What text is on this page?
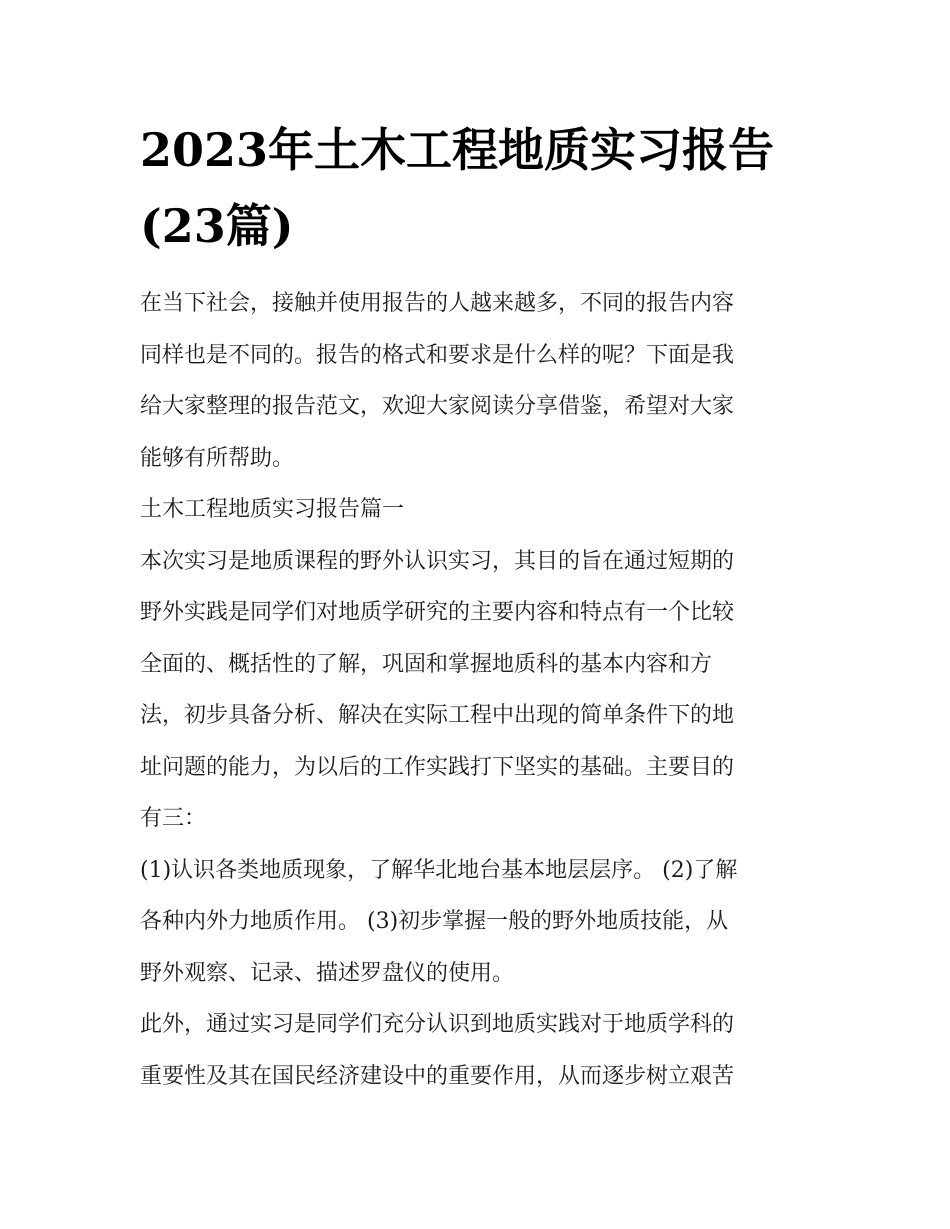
2023年土木工程地质实习报告
(23篇)

在当下社会，接触并使用报告的人越来越多，不同的报告内容
同样也是不同的。报告的格式和要求是什么样的呢？下面是我
给大家整理的报告范文，欢迎大家阅读分享借鉴，希望对大家
能够有所帮助。

土木工程地质实习报告篇一

本次实习是地质课程的野外认识实习，其目的旨在通过短期的
野外实践是同学们对地质学研究的主要内容和特点有一个比较
全面的、概括性的了解，巩固和掌握地质科的基本内容和方
法，初步具备分析、解决在实际工程中出现的简单条件下的地
址问题的能力，为以后的工作实践打下坚实的基础。主要目的
有三：

(1)认识各类地质现象，了解华北地台基本地层层序。 (2)了解
各种内外力地质作用。 (3)初步掌握一般的野外地质技能，从
野外观察、记录、描述罗盘仪的使用。

此外，通过实习是同学们充分认识到地质实践对于地质学科的
重要性及其在国民经济建设中的重要作用，从而逐步树立艰苦
